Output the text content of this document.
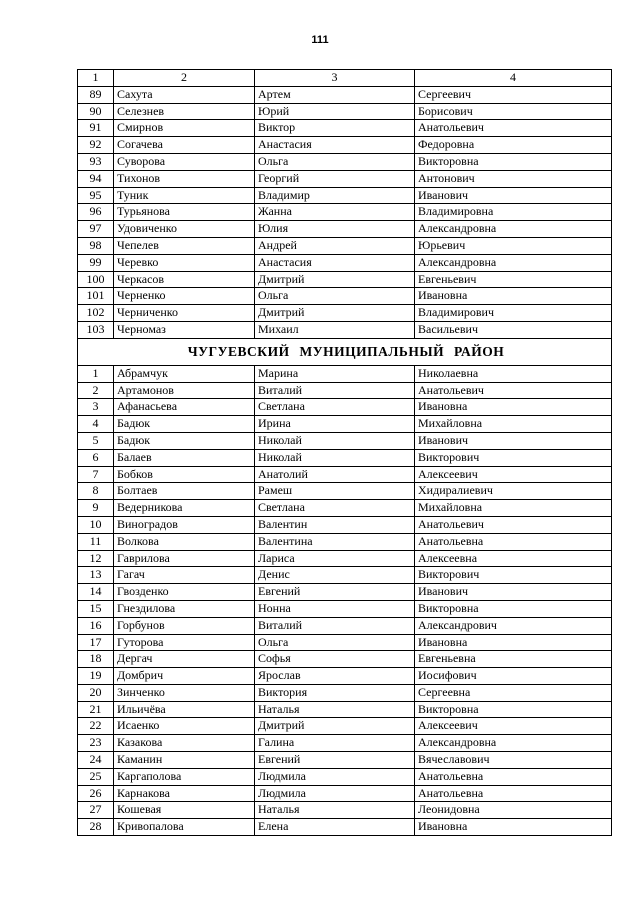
111
1	2	3	4
89	Сахута	Артем	Сергеевич
90	Селезнев	Юрий	Борисович
91	Смирнов	Виктор	Анатольевич
92	Согачева	Анастасия	Федоровна
93	Суворова	Ольга	Викторовна
94	Тихонов	Георгий	Антонович
95	Туник	Владимир	Иванович
96	Турьянова	Жанна	Владимировна
97	Удовиченко	Юлия	Александровна
98	Чепелев	Андрей	Юрьевич
99	Черевко	Анастасия	Александровна
100	Черкасов	Дмитрий	Евгеньевич
101	Черненко	Ольга	Ивановна
102	Черниченко	Дмитрий	Владимирович
103	Черномаз	Михаил	Васильевич
ЧУГУЕВСКИЙ МУНИЦИПАЛЬНЫЙ РАЙОН			
1	Абрамчук	Марина	Николаевна
2	Артамонов	Виталий	Анатольевич
3	Афанасьева	Светлана	Ивановна
4	Бадюк	Ирина	Михайловна
5	Бадюк	Николай	Иванович
6	Балаев	Николай	Викторович
7	Бобков	Анатолий	Алексеевич
8	Болтаев	Рамеш	Хидиралиевич
9	Ведерникова	Светлана	Михайловна
10	Виноградов	Валентин	Анатольевич
11	Волкова	Валентина	Анатольевна
12	Гаврилова	Лариса	Алексеевна
13	Гагач	Денис	Викторович
14	Гвозденко	Евгений	Иванович
15	Гнездилова	Нонна	Викторовна
16	Горбунов	Виталий	Александрович
17	Гуторова	Ольга	Ивановна
18	Дергач	Софья	Евгеньевна
19	Домбрич	Ярослав	Иосифович
20	Зинченко	Виктория	Сергеевна
21	Ильичёва	Наталья	Викторовна
22	Исаенко	Дмитрий	Алексеевич
23	Казакова	Галина	Александровна
24	Каманин	Евгений	Вячеславович
25	Каргаполова	Людмила	Анатольевна
26	Карнакова	Людмила	Анатольевна
27	Кошевая	Наталья	Леонидовна
28	Кривопалова	Елена	Ивановна
